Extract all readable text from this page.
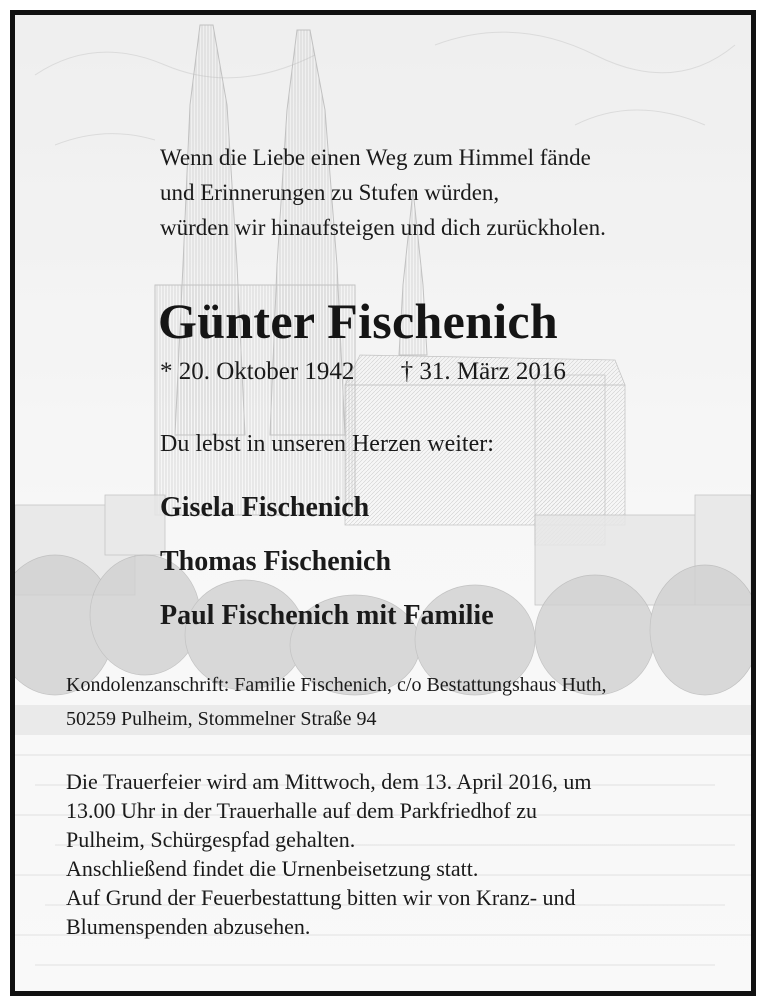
Wenn die Liebe einen Weg zum Himmel fände
und Erinnerungen zu Stufen würden,
würden wir hinaufsteigen und dich zurückholen.
Günter Fischenich
* 20. Oktober 1942 † 31. März 2016
Du lebst in unseren Herzen weiter:
Gisela Fischenich
Thomas Fischenich
Paul Fischenich mit Familie
Kondolenzanschrift: Familie Fischenich, c/o Bestattungshaus Huth,
50259 Pulheim, Stommelner Straße 94
Die Trauerfeier wird am Mittwoch, dem 13. April 2016, um
13.00 Uhr in der Trauerhalle auf dem Parkfriedhof zu
Pulheim, Schürgespfad gehalten.
Anschließend findet die Urnenbeisetzung statt.
Auf Grund der Feuerbestattung bitten wir von Kranz- und
Blumenspenden abzusehen.
